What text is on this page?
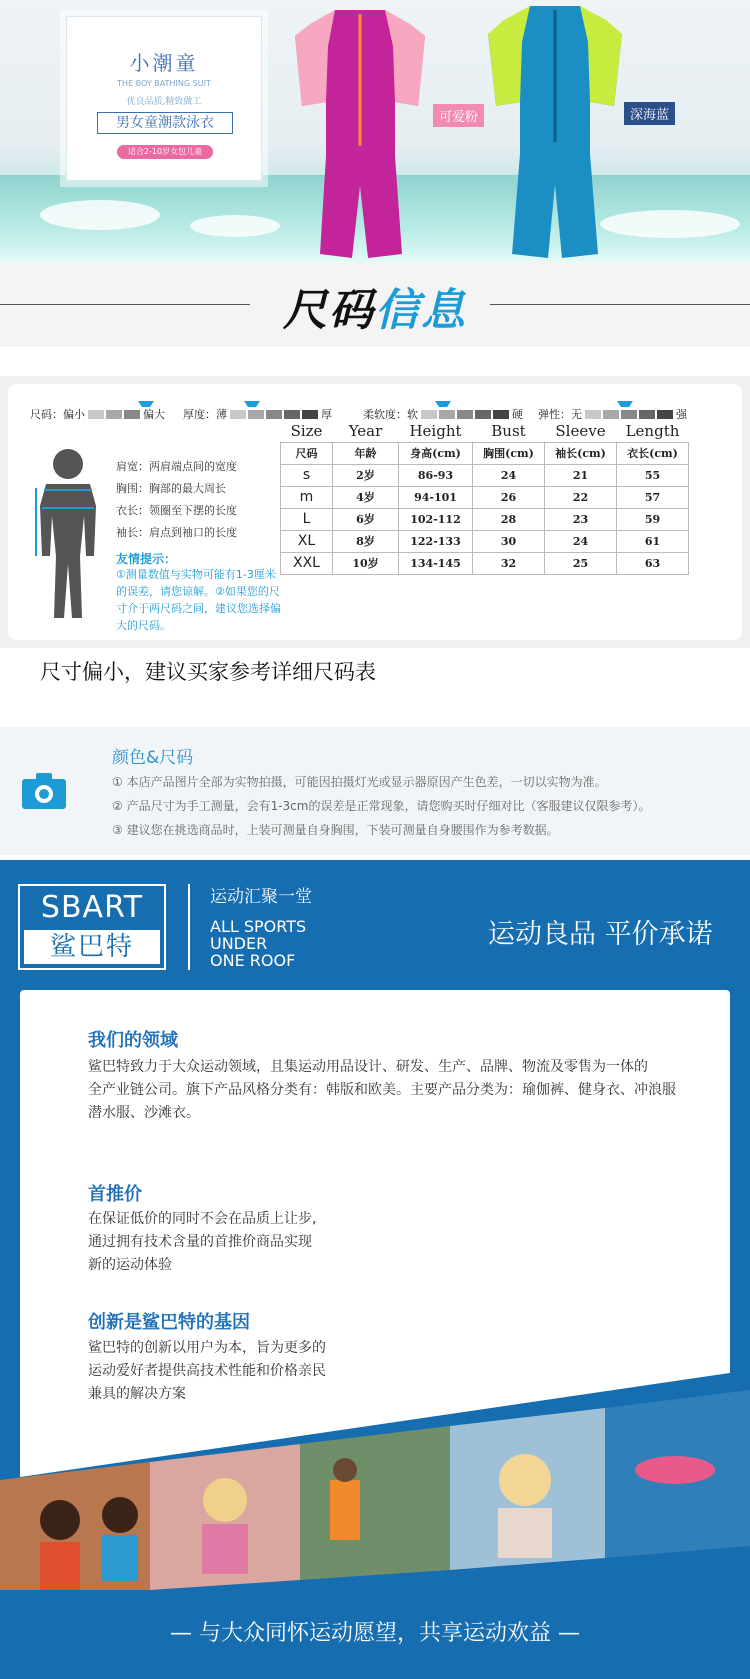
小潮童
THE BOY BATHING SUIT
优良品质,精致做工
男女童潮款泳衣
适合2-10岁女包儿童
可爱粉	深海蓝
尺码信息
尺码：偏小	偏大 厚度：薄	厚	柔软度：软	硬 弹性：无	强
肩宽：两肩端点间的宽度
胸围：胸部的最大周长
衣长：领圈至下摆的长度
袖长：肩点到袖口的长度
友情提示：
①测量数值与实物可能有1-3厘米的误差，请您谅解。②如果您的尺寸介于两尺码之间，建议您选择偏大的尺码。
Size	Year	Height	Bust	Sleeve	Length
尺码	年龄	身高(cm)	胸围(cm)	袖长(cm)	衣长(cm)
s	2岁	86-93	24	21	55
m	4岁	94-101	26	22	57
L	6岁	102-112	28	23	59
XL	8岁	122-133	30	24	61
XXL	10岁	134-145	32	25	63
尺寸偏小，建议买家参考详细尺码表
颜色&尺码
① 本店产品图片全部为实物拍摄，可能因拍摄灯光或显示器原因产生色差，一切以实物为准。
② 产品尺寸为手工测量，会有1-3cm的误差是正常现象，请您购买时仔细对比（客服建议仅限参考）。
③ 建议您在挑选商品时，上装可测量自身胸围，下装可测量自身腰围作为参考数据。
SBART
鲨巴特
运动汇聚一堂
ALL SPORTS
UNDER
ONE ROOF
运动良品 平价承诺
我们的领域
鲨巴特致力于大众运动领域，且集运动用品设计、研发、生产、品牌、物流及零售为一体的
全产业链公司。旗下产品风格分类有：韩版和欧美。主要产品分类为：瑜伽裤、健身衣、冲浪服
潜水服、沙滩衣。
首推价
在保证低价的同时不会在品质上让步,
通过拥有技术含量的首推价商品实现
新的运动体验
创新是鲨巴特的基因
鲨巴特的创新以用户为本，旨为更多的
运动爱好者提供高技术性能和价格亲民
兼具的解决方案
— 与大众同怀运动愿望，共享运动欢益 —
